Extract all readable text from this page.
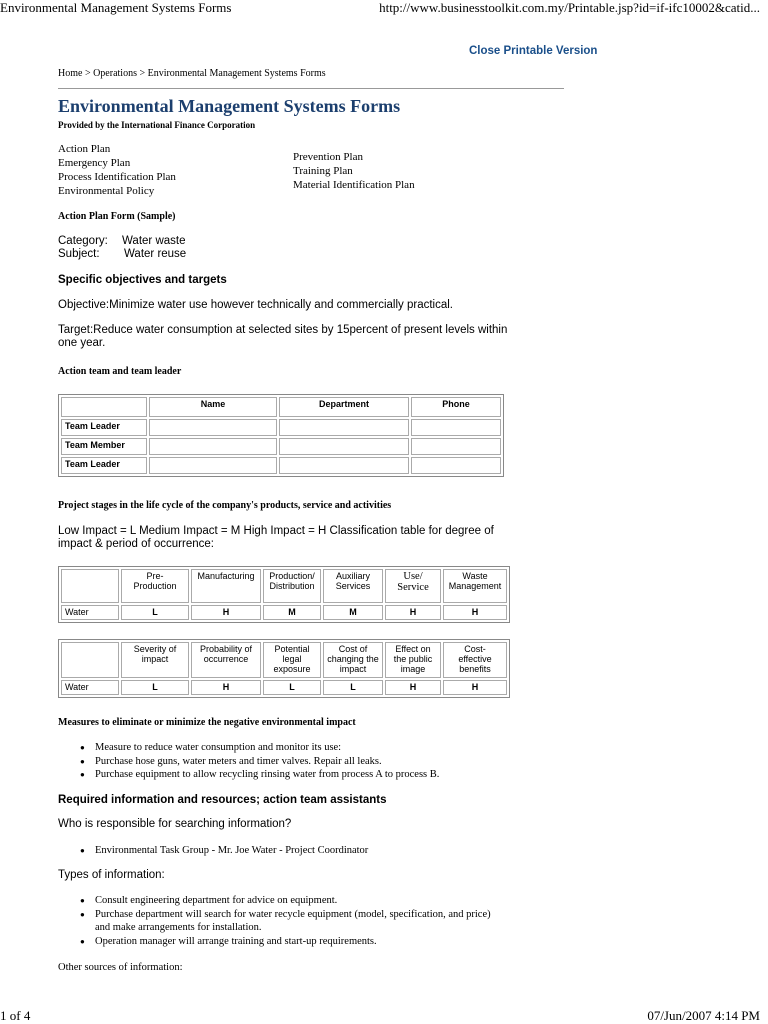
Environmental Management Systems Forms	http://www.businesstoolkit.com.my/Printable.jsp?id=if-ifc10002&catid...
Close Printable Version
Home > Operations > Environmental Management Systems Forms
Environmental Management Systems Forms
Provided by the International Finance Corporation
Action Plan
Emergency Plan
Process Identification Plan
Environmental Policy
Prevention Plan
Training Plan
Material Identification Plan
Action Plan Form (Sample)
Category: Water waste
Subject: Water reuse
Specific objectives and targets
Objective:Minimize water use however technically and commercially practical.
Target:Reduce water consumption at selected sites by 15percent of present levels within
one year.
Action team and team leader
	Name	Department	Phone
Team Leader			
Team Member			
Team Leader			
Project stages in the life cycle of the company's products, service and activities
Low Impact = L Medium Impact = M High Impact = H Classification table for degree of
impact & period of occurrence:
	Pre-Production	Manufacturing	Production/ Distribution	Auxiliary Services	Use/ Service	Waste Management
Water	L	H	M	M	H	H
	Severity of impact	Probability of occurrence	Potential legal exposure	Cost of changing the impact	Effect on the public image	Cost- effective benefits
Water	L	H	L	L	H	H
Measures to eliminate or minimize the negative environmental impact
● Measure to reduce water consumption and monitor its use:
● Purchase hose guns, water meters and timer valves. Repair all leaks.
● Purchase equipment to allow recycling rinsing water from process A to process B.
Required information and resources; action team assistants
Who is responsible for searching information?
● Environmental Task Group - Mr. Joe Water - Project Coordinator
Types of information:
● Consult engineering department for advice on equipment.
● Purchase department will search for water recycle equipment (model, specification, and price) and make arrangements for installation.
● Operation manager will arrange training and start-up requirements.
Other sources of information:
1 of 4	07/Jun/2007 4:14 PM
